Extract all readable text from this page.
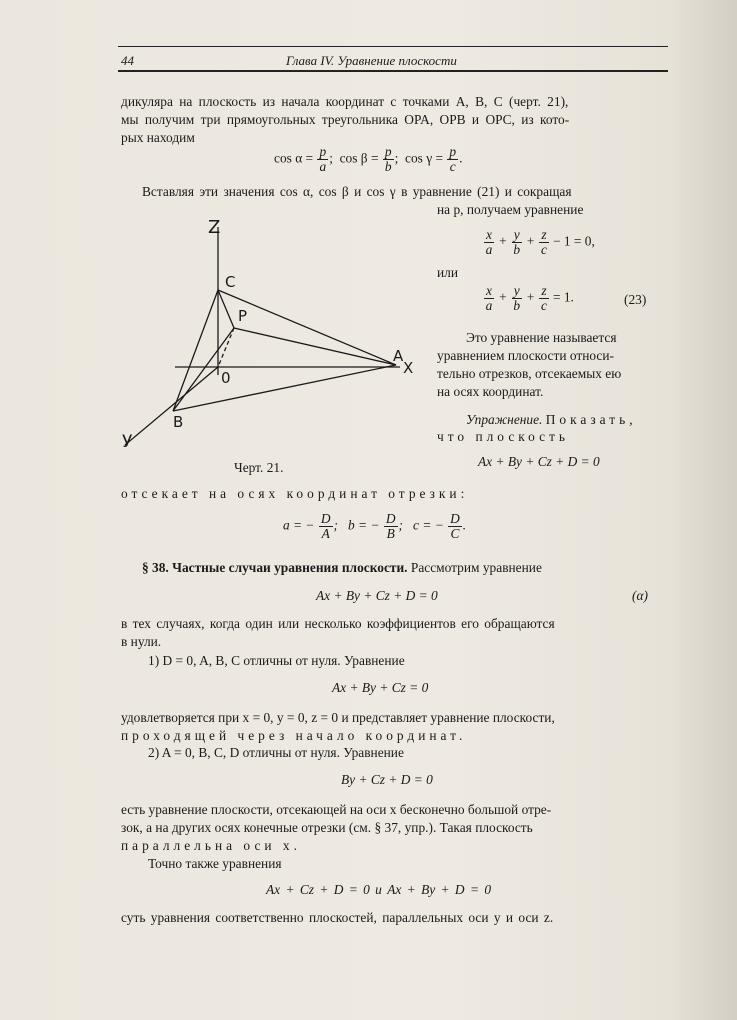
44	Глава IV. Уравнение плоскости
дикуляра на плоскость из начала координат с точками A, B, C (черт. 21),
мы получим три прямоугольных треугольника OPA, OPB и OPC, из кото-
рых находим
$\cos \alpha = \frac{p}{a}$ ;  $\cos \beta = \frac{p}{b}$ ;  $\cos \gamma = \frac{p}{c}$ .
Вставляя эти значения cos α, cos β и cos γ в уравнение (21) и сокращая
на p, получаем уравнение
$\frac{x}{a} + \frac{y}{b} + \frac{z}{c} - 1 = 0$,
или
$\frac{x}{a} + \frac{y}{b} + \frac{z}{c} = 1$.	(23)
Это уравнение называется
уравнением плоскости относи-
тельно отрезков, отсекаемых ею
на осях координат.
Упражнение. Показать,
что плоскость
Ax + By + Cz + D = 0
Z
C
P
A
X
0
B
У
Черт. 21.
отсекает на осях координат отрезки:
a = − $\frac{D}{A}$ ;   b = − $\frac{D}{B}$ ;   c = − $\frac{D}{C}$ .
§ 38. Частные случаи уравнения плоскости. Рассмотрим уравнение
Ax + By + Cz + D = 0	(α)
в тех случаях, когда один или несколько коэффициентов его обращаются
в нули.
1) D = 0, A, B, C отличны от нуля. Уравнение
Ax + By + Cz = 0
удовлетворяется при x = 0, y = 0, z = 0 и представляет уравнение плоскости,
проходящей через начало координат.
2) A = 0, B, C, D отличны от нуля. Уравнение
By + Cz + D = 0
есть уравнение плоскости, отсекающей на оси x бесконечно большой отре-
зок, а на других осях конечные отрезки (см. § 37, упр.). Такая плоскость
параллельна оси x.
Точно также уравнения
Ax + Cz + D = 0 и Ax + By + D = 0
суть уравнения соответственно плоскостей, параллельных оси y и оси z.
